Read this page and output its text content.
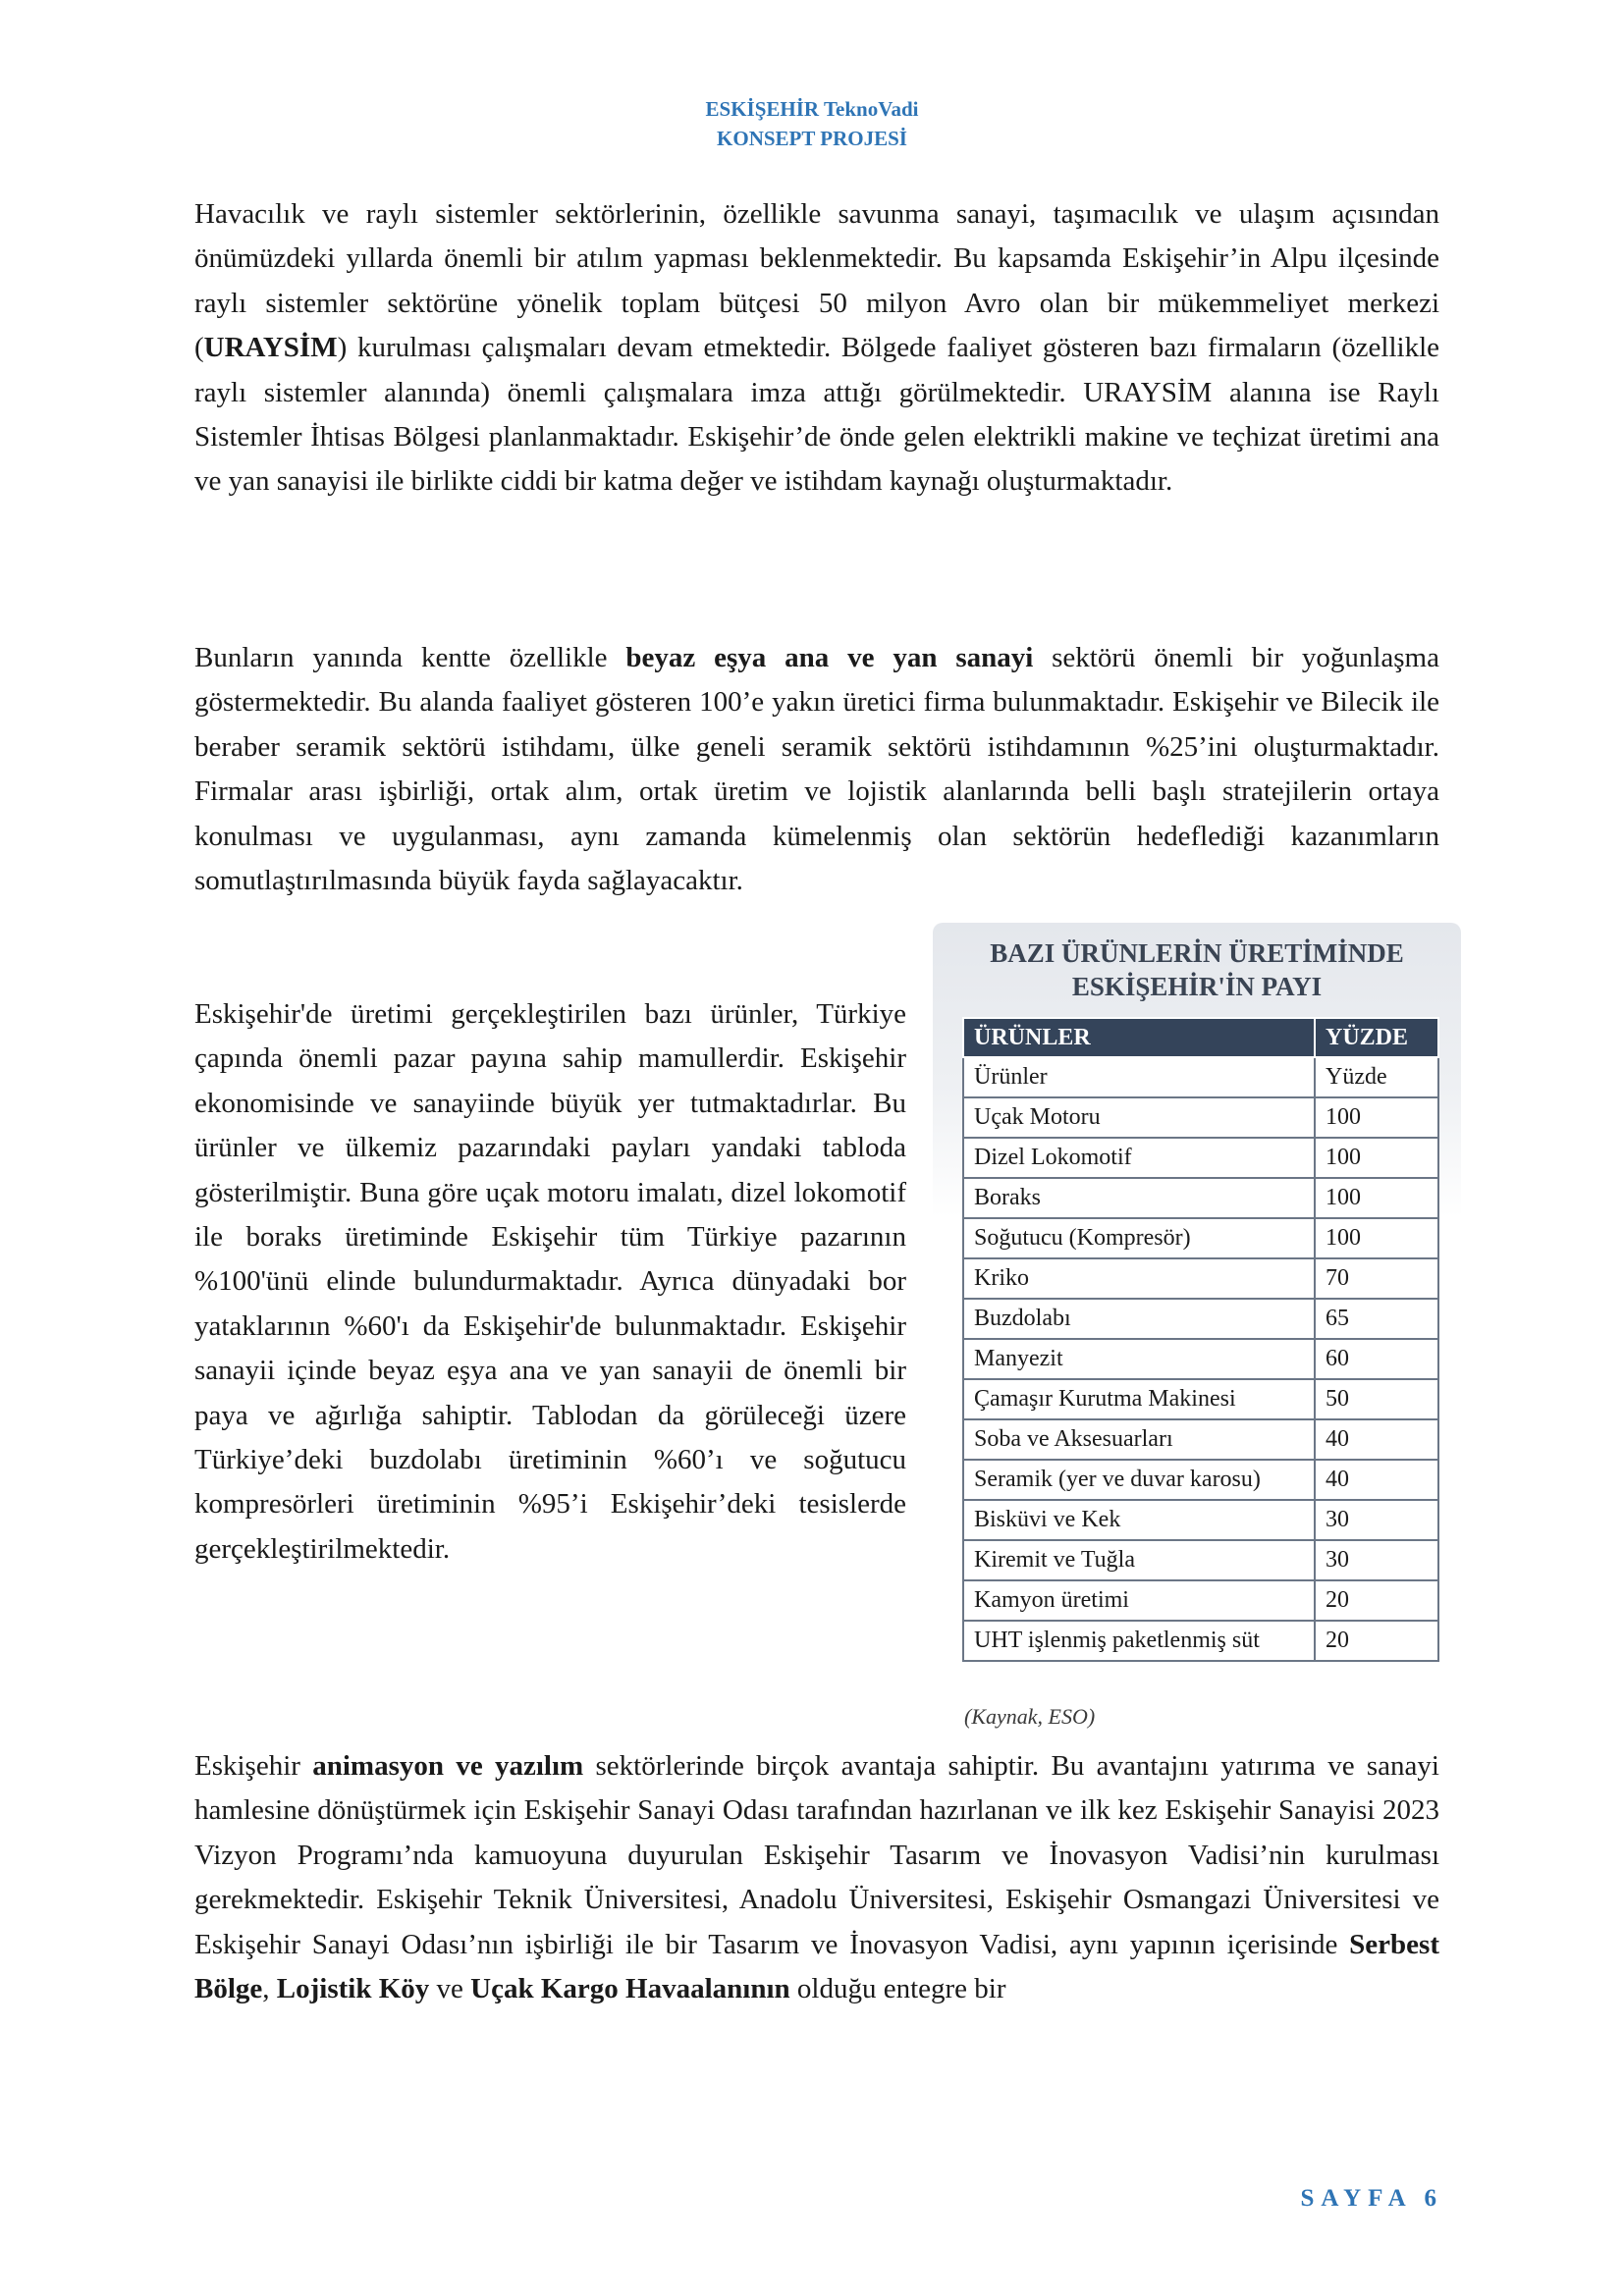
ESKİŞEHİR TeknoVadi
KONSEPT PROJESİ
Havacılık ve raylı sistemler sektörlerinin, özellikle savunma sanayi, taşımacılık ve ulaşım açısından önümüzdeki yıllarda önemli bir atılım yapması beklenmektedir. Bu kapsamda Eskişehir’in Alpu ilçesinde raylı sistemler sektörüne yönelik toplam bütçesi 50 milyon Avro olan bir mükemmeliyet merkezi (URAYSİM) kurulması çalışmaları devam etmektedir. Bölgede faaliyet gösteren bazı firmaların (özellikle raylı sistemler alanında) önemli çalışmalara imza attığı görülmektedir. URAYSİM alanına ise Raylı Sistemler İhtisas Bölgesi planlanmaktadır. Eskişehir’de önde gelen elektrikli makine ve teçhizat üretimi ana ve yan sanayisi ile birlikte ciddi bir katma değer ve istihdam kaynağı oluşturmaktadır.
Bunların yanında kentte özellikle beyaz eşya ana ve yan sanayi sektörü önemli bir yoğunlaşma göstermektedir. Bu alanda faaliyet gösteren 100’e yakın üretici firma bulunmaktadır. Eskişehir ve Bilecik ile beraber seramik sektörü istihdamı, ülke geneli seramik sektörü istihdamının %25’ini oluşturmaktadır. Firmalar arası işbirliği, ortak alım, ortak üretim ve lojistik alanlarında belli başlı stratejilerin ortaya konulması ve uygulanması, aynı zamanda kümelenmiş olan sektörün hedeflediği kazanımların somutlaştırılmasında büyük fayda sağlayacaktır.
Eskişehir'de üretimi gerçekleştirilen bazı ürünler, Türkiye çapında önemli pazar payına sahip mamullerdir. Eskişehir ekonomisinde ve sanayiinde büyük yer tutmaktadırlar. Bu ürünler ve ülkemiz pazarındaki payları yandaki tabloda gösterilmiştir. Buna göre uçak motoru imalatı, dizel lokomotif ile boraks üretiminde Eskişehir tüm Türkiye pazarının %100'ünü elinde bulundurmaktadır. Ayrıca dünyadaki bor yataklarının %60'ı da Eskişehir'de bulunmaktadır. Eskişehir sanayii içinde beyaz eşya ana ve yan sanayii de önemli bir paya ve ağırlığa sahiptir. Tablodan da görüleceği üzere Türkiye’deki buzdolabı üretiminin %60’ı ve soğutucu kompresörleri üretiminin %95’i Eskişehir’deki tesislerde gerçekleştirilmektedir.
BAZI ÜRÜNLERİN ÜRETİMİNDE
ESKİŞEHİR'İN PAYI
ÜRÜNLER	YÜZDE
Ürünler	Yüzde
Uçak Motoru	100
Dizel Lokomotif	100
Boraks	100
Soğutucu (Kompresör)	100
Kriko	70
Buzdolabı	65
Manyezit	60
Çamaşır Kurutma Makinesi	50
Soba ve Aksesuarları	40
Seramik (yer ve duvar karosu)	40
Bisküvi ve Kek	30
Kiremit ve Tuğla	30
Kamyon üretimi	20
UHT işlenmiş paketlenmiş süt	20
(Kaynak, ESO)
Eskişehir animasyon ve yazılım sektörlerinde birçok avantaja sahiptir. Bu avantajını yatırıma ve sanayi hamlesine dönüştürmek için Eskişehir Sanayi Odası tarafından hazırlanan ve ilk kez Eskişehir Sanayisi 2023 Vizyon Programı’nda kamuoyuna duyurulan Eskişehir Tasarım ve İnovasyon Vadisi’nin kurulması gerekmektedir. Eskişehir Teknik Üniversitesi, Anadolu Üniversitesi, Eskişehir Osmangazi Üniversitesi ve Eskişehir Sanayi Odası’nın işbirliği ile bir Tasarım ve İnovasyon Vadisi, aynı yapının içerisinde Serbest Bölge, Lojistik Köy ve Uçak Kargo Havaalanının olduğu entegre bir
SAYFA 6
